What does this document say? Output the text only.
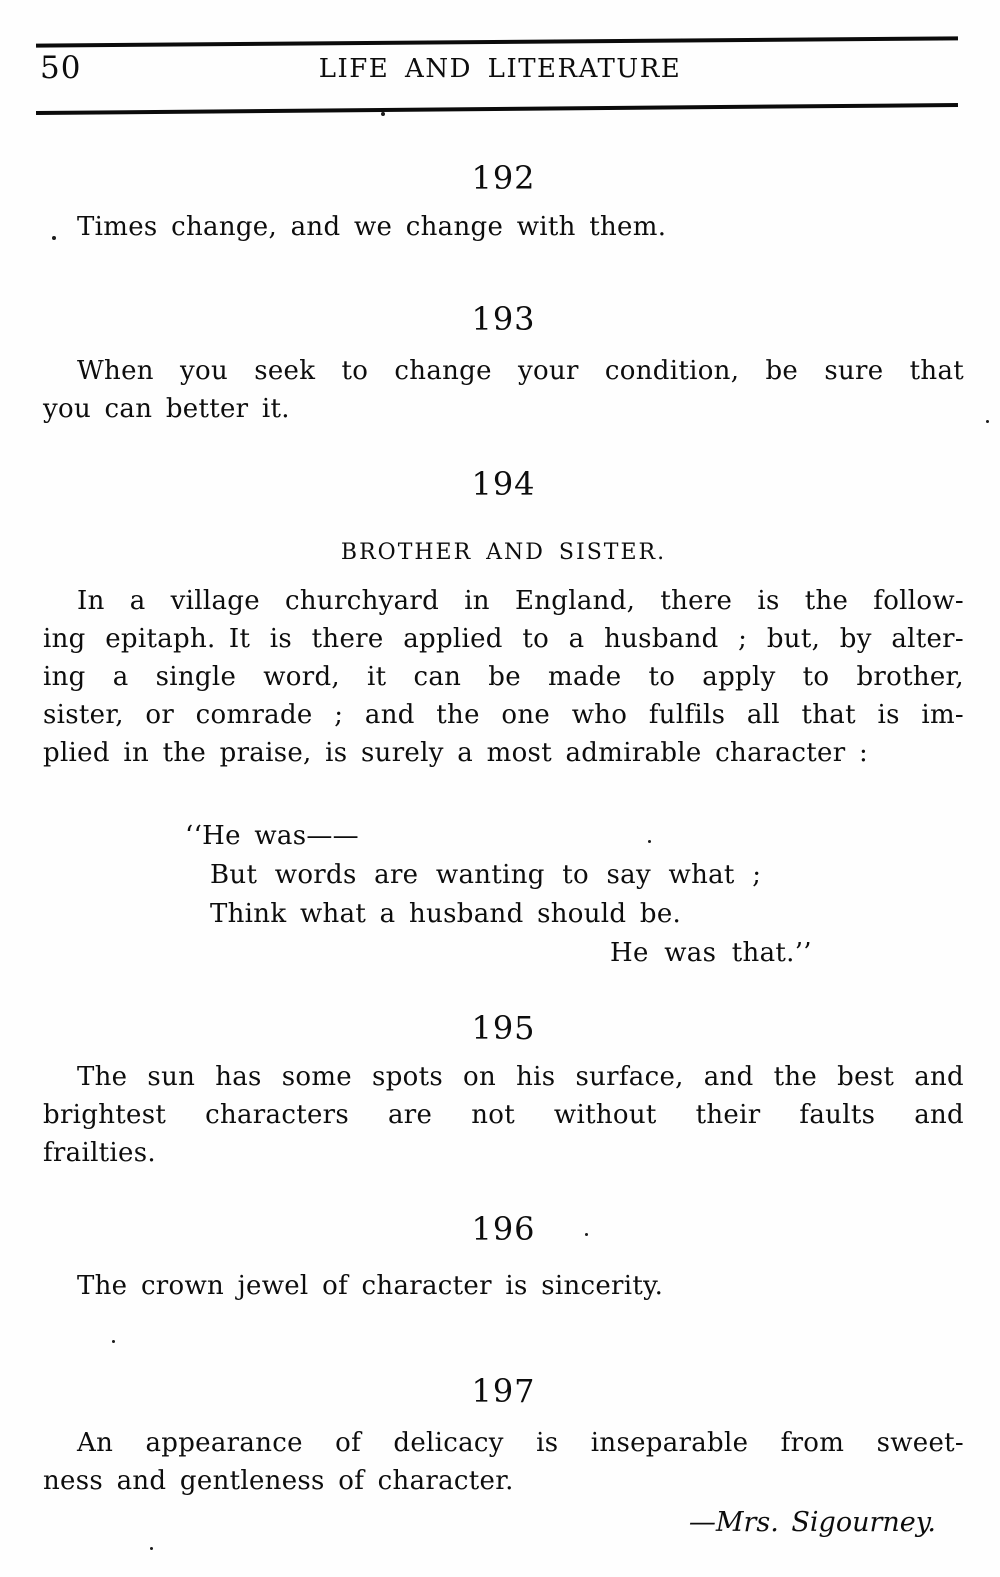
50	LIFE AND LITERATURE
192
Times change, and we change with them.
193
When you seek to change your condition, be sure that
you can better it.
194
BROTHER AND SISTER.
In a village churchyard in England, there is the follow-
ing epitaph. It is there applied to a husband ; but, by alter-
ing a single word, it can be made to apply to brother,
sister, or comrade ; and the one who fulfils all that is im-
plied in the praise, is surely a most admirable character :
‘‘He was——
But words are wanting to say what ;
Think what a husband should be.
He was that.’’
195
The sun has some spots on his surface, and the best and
brightest characters are not without their faults and
frailties.
196
The crown jewel of character is sincerity.
197
An appearance of delicacy is inseparable from sweet-
ness and gentleness of character.
—Mrs. Sigourney.
